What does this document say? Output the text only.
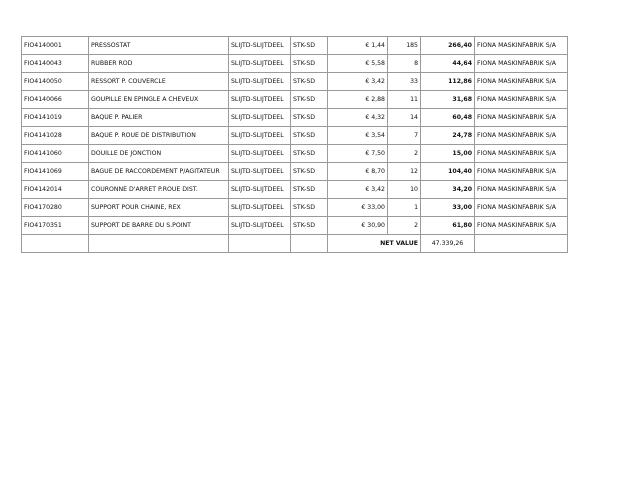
FIO4140001	PRESSOSTAT	SLIJTD-SLIJTDEEL	STK-SD	€ 1,44	185	266,40	FIONA MASKINFABRIK S/A
FIO4140043	RUBBER ROD	SLIJTD-SLIJTDEEL	STK-SD	€ 5,58	8	44,64	FIONA MASKINFABRIK S/A
FIO4140050	RESSORT P. COUVERCLE	SLIJTD-SLIJTDEEL	STK-SD	€ 3,42	33	112,86	FIONA MASKINFABRIK S/A
FIO4140066	GOUPILLE EN EPINGLE A CHEVEUX	SLIJTD-SLIJTDEEL	STK-SD	€ 2,88	11	31,68	FIONA MASKINFABRIK S/A
FIO4141019	BAQUE P. PALIER	SLIJTD-SLIJTDEEL	STK-SD	€ 4,32	14	60,48	FIONA MASKINFABRIK S/A
FIO4141028	BAQUE P. ROUE DE DISTRIBUTION	SLIJTD-SLIJTDEEL	STK-SD	€ 3,54	7	24,78	FIONA MASKINFABRIK S/A
FIO4141060	DOUILLE DE JONCTION	SLIJTD-SLIJTDEEL	STK-SD	€ 7,50	2	15,00	FIONA MASKINFABRIK S/A
FIO4141069	BAGUE DE RACCORDEMENT P/AGITATEUR	SLIJTD-SLIJTDEEL	STK-SD	€ 8,70	12	104,40	FIONA MASKINFABRIK S/A
FIO4142014	COURONNE D'ARRET P.ROUE DIST.	SLIJTD-SLIJTDEEL	STK-SD	€ 3,42	10	34,20	FIONA MASKINFABRIK S/A
FIO4170280	SUPPORT POUR CHAINE, REX	SLIJTD-SLIJTDEEL	STK-SD	€ 33,00	1	33,00	FIONA MASKINFABRIK S/A
FIO4170351	SUPPORT DE BARRE DU S.POINT	SLIJTD-SLIJTDEEL	STK-SD	€ 30,90	2	61,80	FIONA MASKINFABRIK S/A
				NET VALUE		47.339,26	
